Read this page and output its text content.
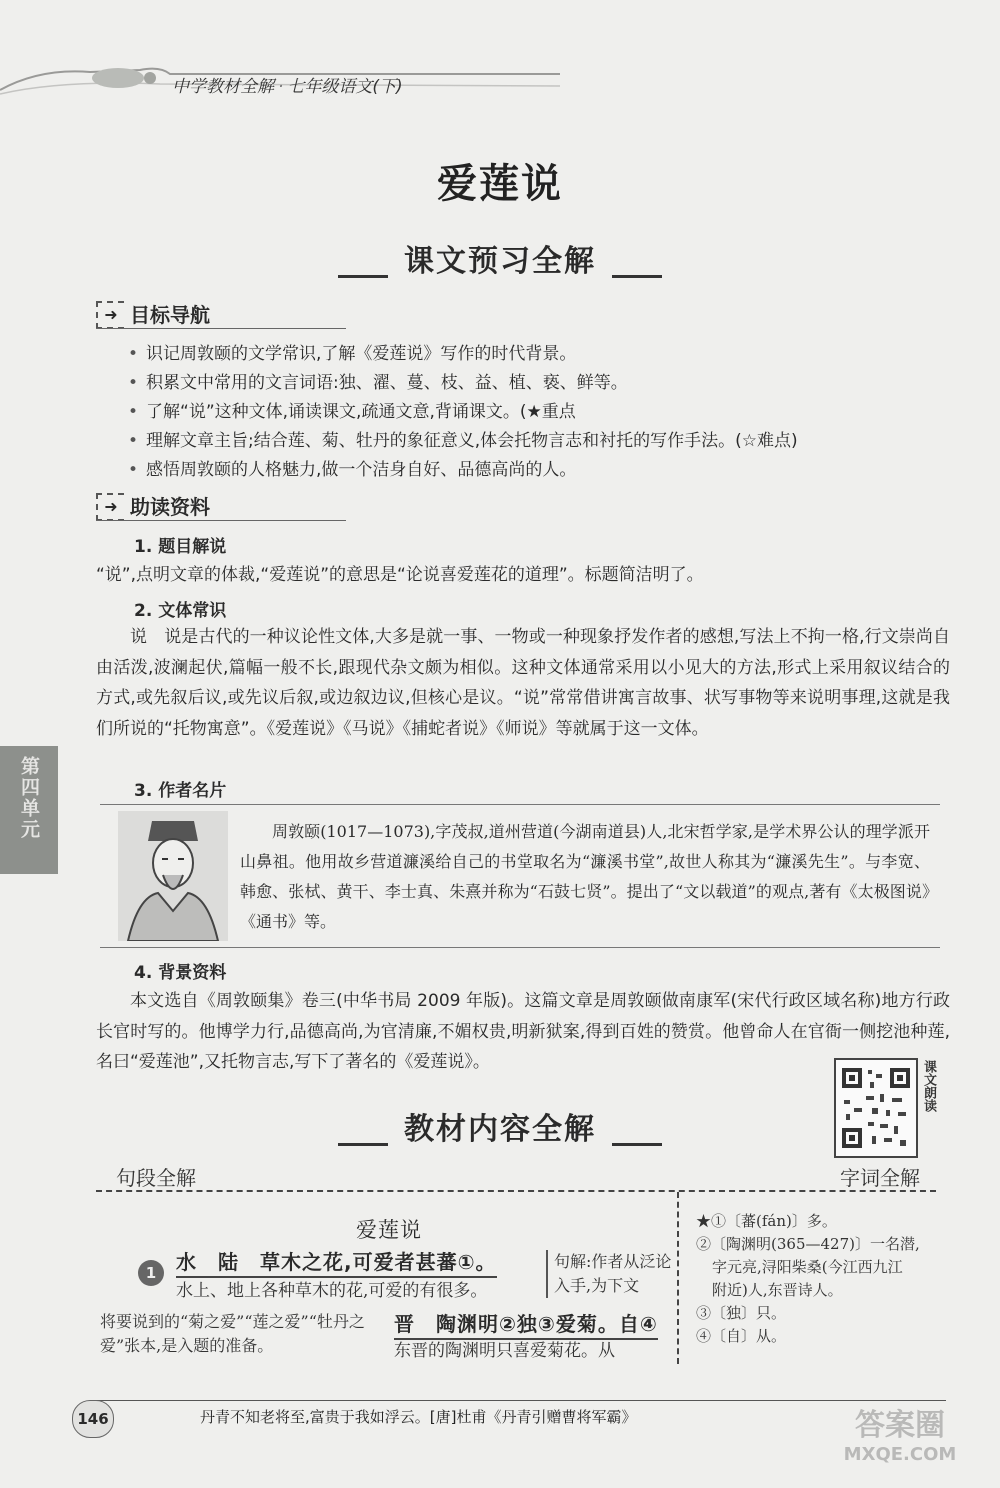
中学教材全解 · 七年级语文(下)
爱莲说
课文预习全解
➜ 目标导航
• 识记周敦颐的文学常识,了解《爱莲说》写作的时代背景。
• 积累文中常用的文言词语:独、濯、蔓、枝、益、植、亵、鲜等。
• 了解“说”这种文体,诵读课文,疏通文意,背诵课文。(★重点
• 理解文章主旨;结合莲、菊、牡丹的象征意义,体会托物言志和衬托的写作手法。(☆难点)
• 感悟周敦颐的人格魅力,做一个洁身自好、品德高尚的人。
➜ 助读资料
1. 题目解说
“说”,点明文章的体裁,“爱莲说”的意思是“论说喜爱莲花的道理”。标题简洁明了。
2. 文体常识
说　说是古代的一种议论性文体,大多是就一事、一物或一种现象抒发作者的感想,写法上不拘一格,行文崇尚自由活泼,波澜起伏,篇幅一般不长,跟现代杂文颇为相似。这种文体通常采用以小见大的方法,形式上采用叙议结合的方式,或先叙后议,或先议后叙,或边叙边议,但核心是议。“说”常常借讲寓言故事、状写事物等来说明事理,这就是我们所说的“托物寓意”。《爱莲说》《马说》《捕蛇者说》《师说》等就属于这一文体。
3. 作者名片
周敦颐(1017—1073),字茂叔,道州营道(今湖南道县)人,北宋哲学家,是学术界公认的理学派开山鼻祖。他用故乡营道濂溪给自己的书堂取名为“濂溪书堂”,故世人称其为“濂溪先生”。与李宽、韩愈、张栻、黄干、李士真、朱熹并称为“石鼓七贤”。提出了“文以载道”的观点,著有《太极图说》《通书》等。
4. 背景资料
本文选自《周敦颐集》卷三(中华书局 2009 年版)。这篇文章是周敦颐做南康军(宋代行政区域名称)地方行政长官时写的。他博学力行,品德高尚,为官清廉,不媚权贵,明新狱案,得到百姓的赞赏。他曾命人在官衙一侧挖池种莲,名曰“爱莲池”,又托物言志,写下了著名的《爱莲说》。
第四单元
课文朗读
教材内容全解
句段全解	字词全解
爱莲说
1 水　陆　草木之花,可爱者甚蕃①。
水上、地上各种草木的花,可爱的有很多。
句解:作者从泛论入手,为下文
将要说到的“菊之爱”“莲之爱”“牡丹之爱”张本,是入题的准备。
晋　陶渊明②独③爱菊。自④
东晋的陶渊明只喜爱菊花。从
★①〔蕃(fán)〕多。
②〔陶渊明(365—427)〕一名潜,
字元亮,浔阳柴桑(今江西九江
附近)人,东晋诗人。
③〔独〕只。
④〔自〕从。
146	丹青不知老将至,富贵于我如浮云。[唐]杜甫《丹青引赠曹将军霸》	答案圈
MXQE.COM
